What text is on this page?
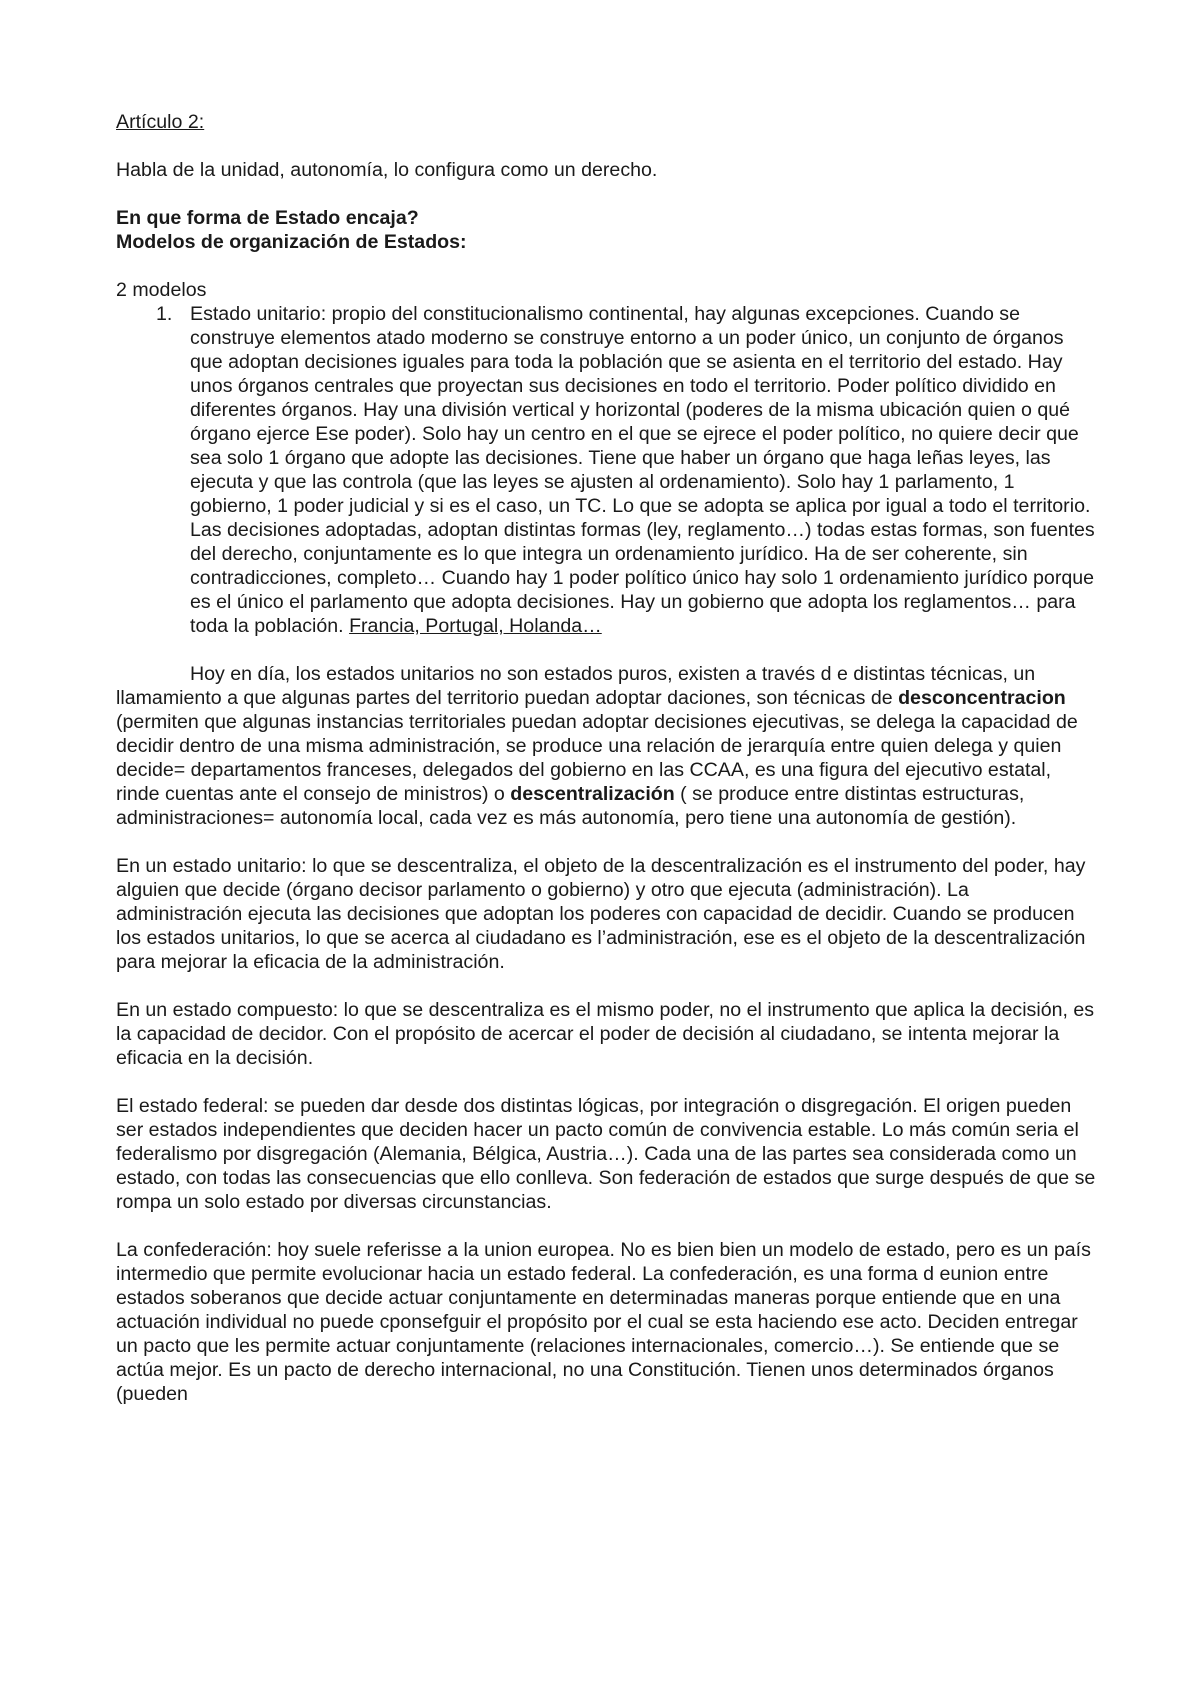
Artículo 2:

Habla de la unidad, autonomía, lo configura como un derecho.

En que forma de Estado encaja?

Modelos de organización de Estados:

2 modelos

1. Estado unitario: propio del constitucionalismo continental, hay algunas excepciones. Cuando se construye elementos atado moderno se construye entorno a un poder único, un conjunto de órganos que adoptan decisiones iguales para toda la población que se asienta en el territorio del estado. Hay unos órganos centrales que proyectan sus decisiones en todo el territorio. Poder político dividido en diferentes órganos. Hay una división vertical y horizontal (poderes de la misma ubicación quien o qué órgano ejerce Ese poder). Solo hay un centro en el que se ejrece el poder político, no quiere decir que sea solo 1 órgano que adopte las decisiones. Tiene que haber un órgano que haga leñas leyes, las ejecuta y que las controla (que las leyes se ajusten al ordenamiento). Solo hay 1 parlamento, 1 gobierno, 1 poder judicial y si es el caso, un TC. Lo que se adopta se aplica por igual a todo el territorio. Las decisiones adoptadas, adoptan distintas formas (ley, reglamento…) todas estas formas, son fuentes del derecho, conjuntamente es lo que integra un ordenamiento jurídico. Ha de ser coherente, sin contradicciones, completo… Cuando hay 1 poder político único hay solo 1 ordenamiento jurídico porque es el único el parlamento que adopta decisiones. Hay un gobierno que adopta los reglamentos… para toda la población. Francia, Portugal, Holanda…

Hoy en día, los estados unitarios no son estados puros, existen a través d e distintas técnicas, un llamamiento a que algunas partes del territorio puedan adoptar daciones, son técnicas de desconcentracion (permiten que algunas instancias territoriales puedan adoptar decisiones ejecutivas, se delega la capacidad de decidir dentro de una misma administración, se produce una relación de jerarquía entre quien delega y quien decide= departamentos franceses, delegados del gobierno en las CCAA, es una figura del ejecutivo estatal, rinde cuentas ante el consejo de ministros) o descentralización ( se produce entre distintas estructuras, administraciones= autonomía local, cada vez es más autonomía, pero tiene una autonomía de gestión).

En un estado unitario: lo que se descentraliza, el objeto de la descentralización es el instrumento del poder, hay alguien que decide (órgano decisor parlamento o gobierno) y otro que ejecuta (administración). La administración ejecuta las decisiones que adoptan los poderes con capacidad de decidir. Cuando se producen los estados unitarios, lo que se acerca al ciudadano es l’administración, ese es el objeto de la descentralización para mejorar la eficacia de la administración.

En un estado compuesto: lo que se descentraliza es el mismo poder, no el instrumento que aplica la decisión, es la capacidad de decidor. Con el propósito de acercar el poder de decisión al ciudadano, se intenta mejorar la eficacia en la decisión.

El estado federal: se pueden dar desde dos distintas lógicas, por integración o disgregación. El origen pueden ser estados independientes que deciden hacer un pacto común de convivencia estable. Lo más común seria el federalismo por disgregación (Alemania, Bélgica, Austria…). Cada una de las partes sea considerada como un estado, con todas las consecuencias que ello conlleva. Son federación de estados que surge después de que se rompa un solo estado por diversas circunstancias.

La confederación: hoy suele referisse a la union europea. No es bien bien un modelo de estado, pero es un país intermedio que permite evolucionar hacia un estado federal. La confederación, es una forma d eunion entre estados soberanos que decide actuar conjuntamente en determinadas maneras porque entiende que en una actuación individual no puede cponsefguir el propósito por el cual se esta haciendo ese acto. Deciden entregar un pacto que les permite actuar conjuntamente (relaciones internacionales, comercio…). Se entiende que se actúa mejor. Es un pacto de derecho internacional, no una Constitución. Tienen unos determinados órganos (pueden
